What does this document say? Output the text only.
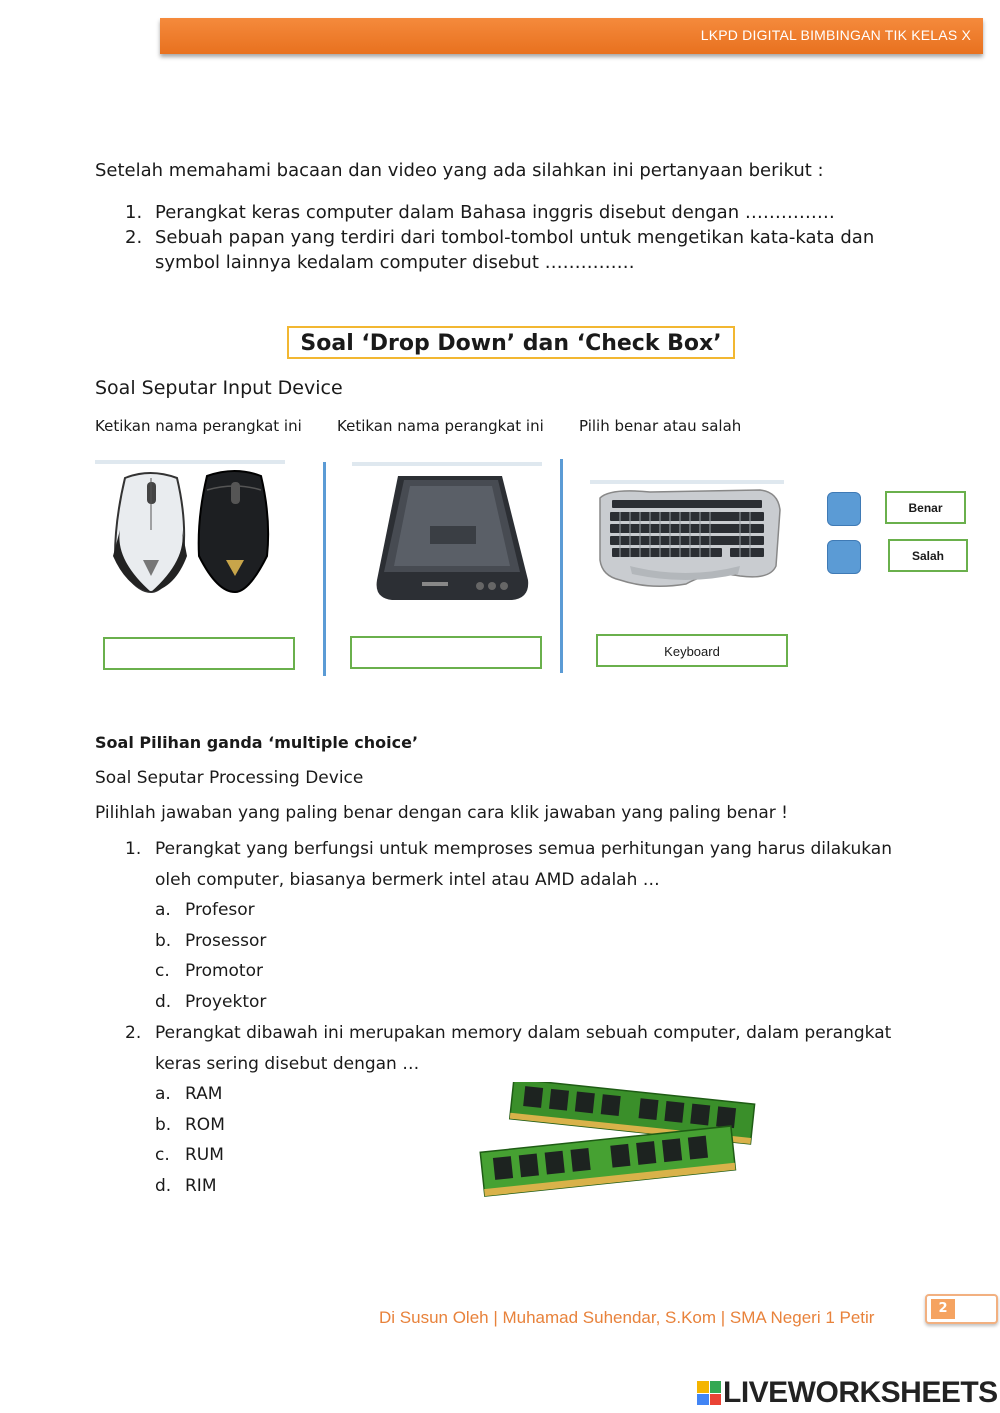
LKPD DIGITAL BIMBINGAN TIK KELAS X
Setelah memahami bacaan dan video yang ada silahkan ini pertanyaan berikut :
1. Perangkat keras computer dalam Bahasa inggris disebut dengan ……………
2. Sebuah papan yang terdiri dari tombol-tombol untuk mengetikan kata-kata dan symbol lainnya kedalam computer disebut ……………
Soal ‘Drop Down’ dan ‘Check Box’
Soal Seputar Input Device
Ketikan nama perangkat ini Ketikan nama perangkat ini Pilih benar atau salah
Keyboard
Benar
Salah
Soal Pilihan ganda ‘multiple choice’
Soal Seputar Processing Device
Pilihlah jawaban yang paling benar dengan cara klik jawaban yang paling benar !
1. Perangkat yang berfungsi untuk memproses semua perhitungan yang harus dilakukan oleh computer, biasanya bermerk intel atau AMD adalah …
a. Profesor
b. Prosessor
c. Promotor
d. Proyektor
2. Perangkat dibawah ini merupakan memory dalam sebuah computer, dalam perangkat keras sering disebut dengan …
a. RAM
b. ROM
c. RUM
d. RIM
Di Susun Oleh | Muhamad Suhendar, S.Kom | SMA Negeri 1 Petir	2
LIVEWORKSHEETS
